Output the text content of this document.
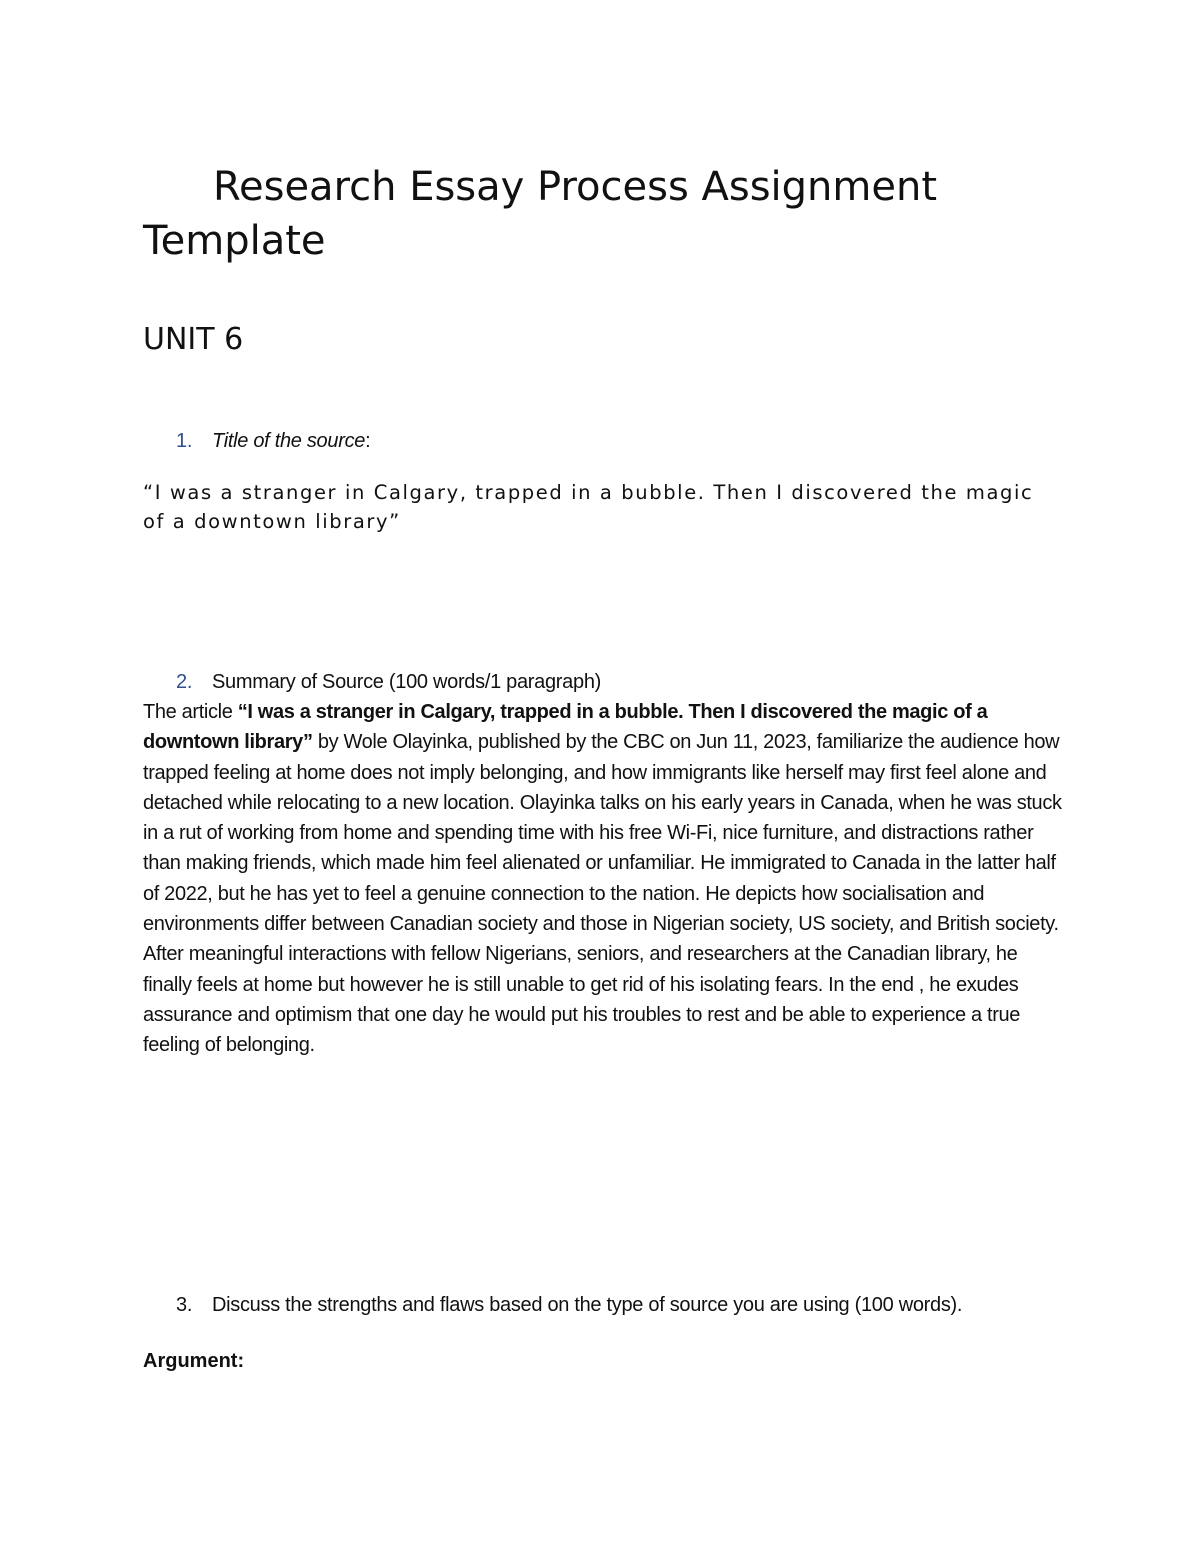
Research Essay Process Assignment Template
UNIT 6
1. Title of the source:

“I was a stranger in Calgary, trapped in a bubble. Then I discovered the magic of a downtown library”

2. Summary of Source (100 words/1 paragraph)

The article “I was a stranger in Calgary, trapped in a bubble. Then I discovered the magic of a downtown library” by Wole Olayinka, published by the CBC on Jun 11, 2023, familiarize the audience how trapped feeling at home does not imply belonging, and how immigrants like herself may first feel alone and detached while relocating to a new location. Olayinka talks on his early years in Canada, when he was stuck in a rut of working from home and spending time with his free Wi-Fi, nice furniture, and distractions rather than making friends, which made him feel alienated or unfamiliar. He immigrated to Canada in the latter half of 2022, but he has yet to feel a genuine connection to the nation. He depicts how socialisation and environments differ between Canadian society and those in Nigerian society, US society, and British society. After meaningful interactions with fellow Nigerians, seniors, and researchers at the Canadian library, he finally feels at home but however he is still unable to get rid of his isolating fears. In the end , he exudes assurance and optimism that one day he would put his troubles to rest and be able to experience a true feeling of belonging.

3. Discuss the strengths and flaws based on the type of source you are using (100 words).

Argument:
